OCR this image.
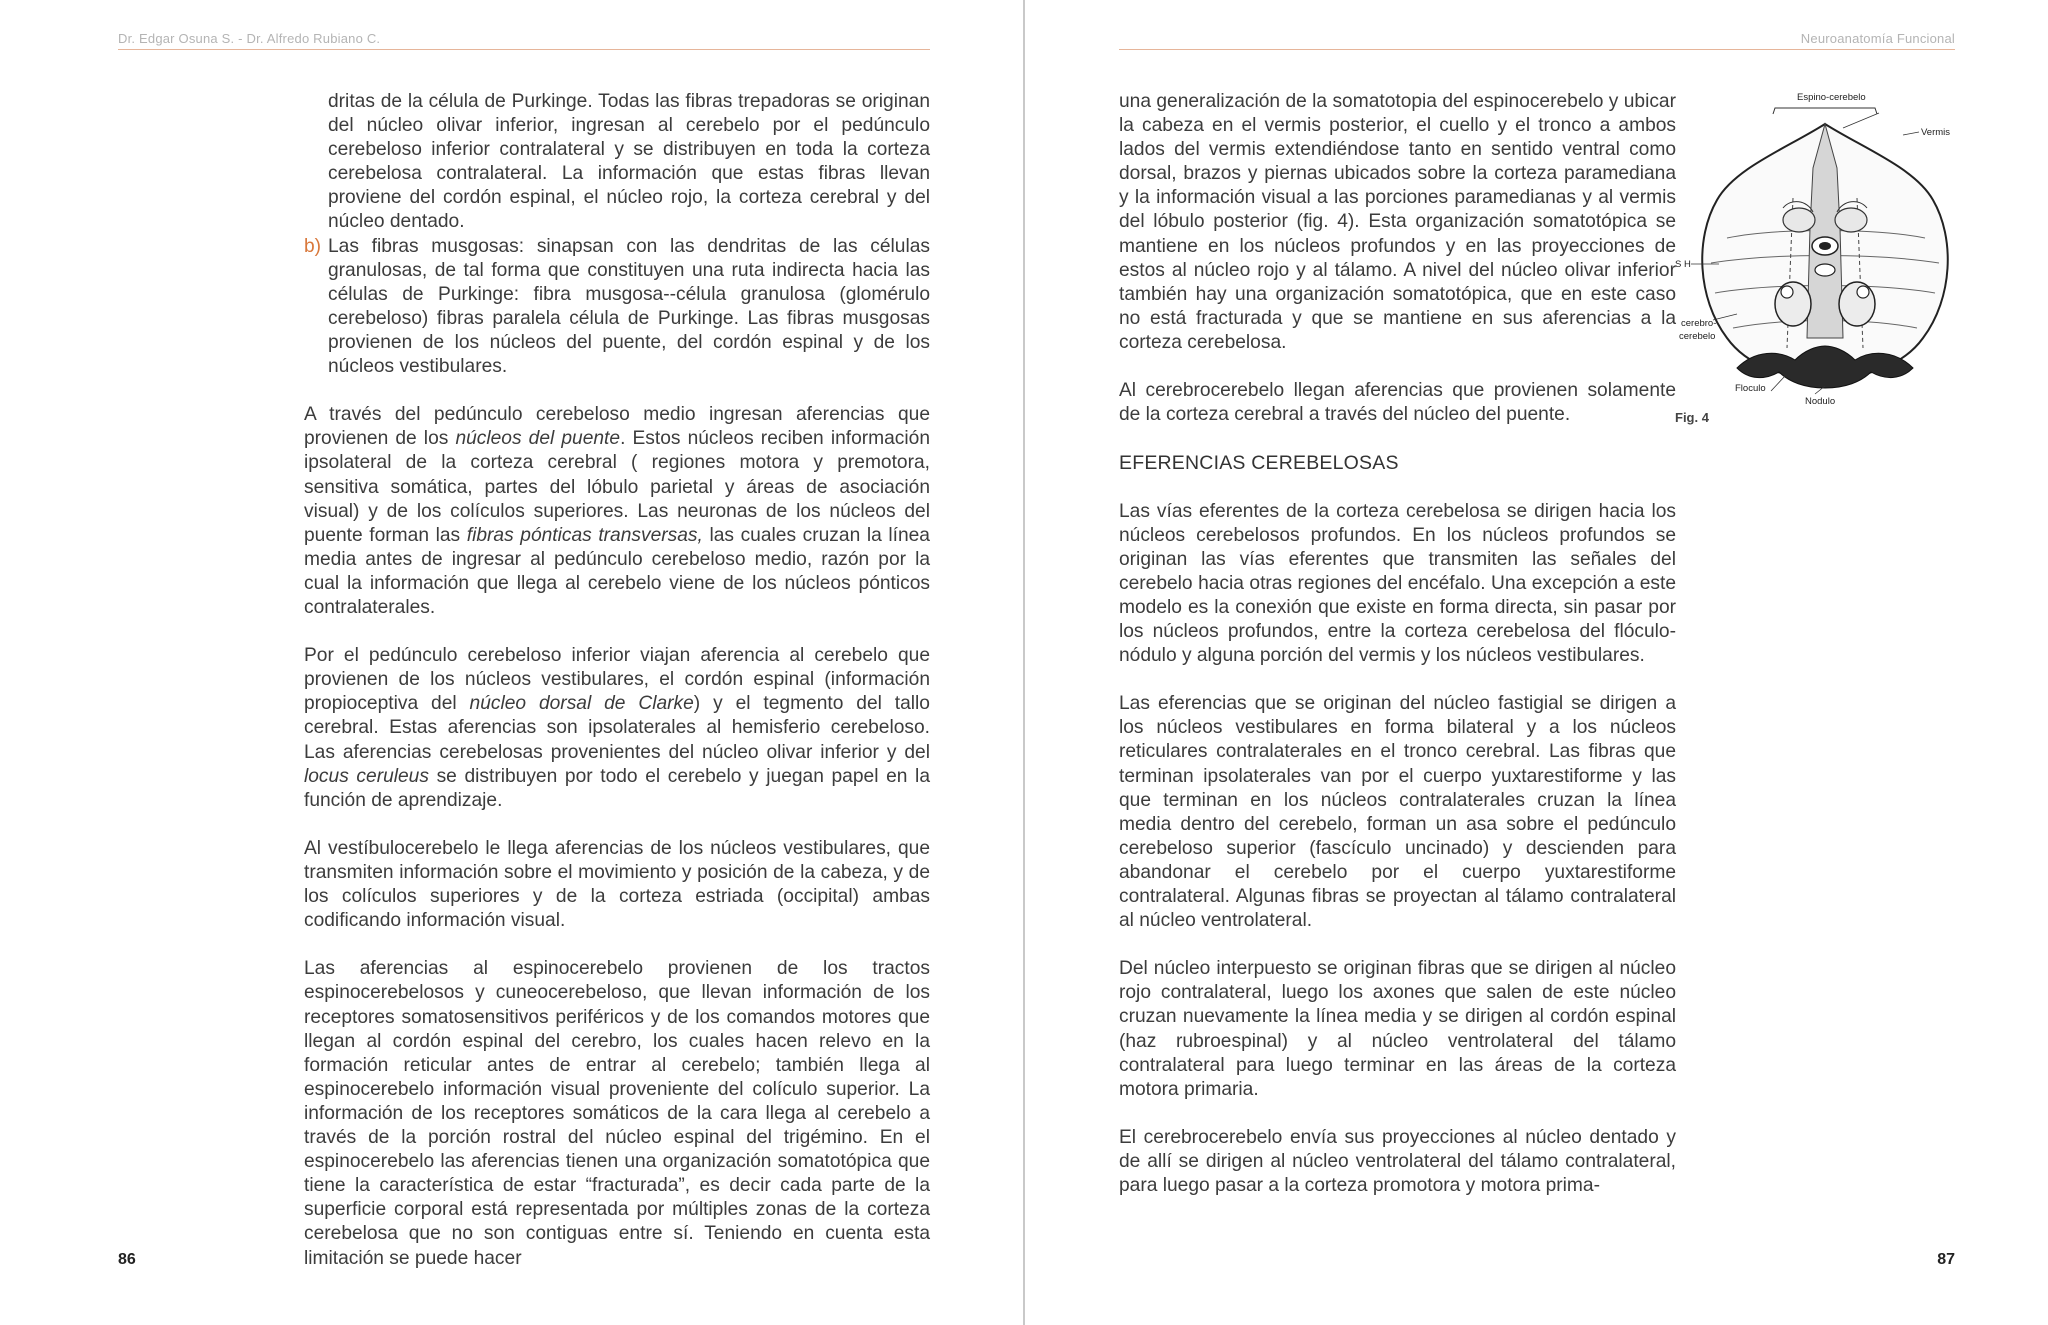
Dr. Edgar Osuna S. - Dr. Alfredo Rubiano C.

dritas de la célula de Purkinge. Todas las fibras trepadoras se originan del núcleo olivar inferior, ingresan al cerebelo por el pedúnculo cerebeloso inferior contralateral y se distribuyen en toda la corteza cerebelosa contralateral. La información que estas fibras llevan proviene del cordón espinal, el núcleo rojo, la corteza cerebral y del núcleo dentado.

b) Las fibras musgosas: sinapsan con las dendritas de las células granulosas, de tal forma que constituyen una ruta indirecta hacia las células de Purkinge: fibra musgosa--célula granulosa (glomérulo cerebeloso) fibras paralela célula de Purkinge. Las fibras musgosas provienen de los núcleos del puente, del cordón espinal y de los núcleos vestibulares.

A través del pedúnculo cerebeloso medio ingresan aferencias que provienen de los núcleos del puente. Estos núcleos reciben información ipsolateral de la corteza cerebral ( regiones motora y premotora, sensitiva somática, partes del lóbulo parietal y áreas de asociación visual) y de los colículos superiores. Las neuronas de los núcleos del puente forman las fibras pónticas transversas, las cuales cruzan la línea media antes de ingresar al pedúnculo cerebeloso medio, razón por la cual la información que llega al cerebelo viene de los núcleos pónticos contralaterales.

Por el pedúnculo cerebeloso inferior viajan aferencia al cerebelo que provienen de los núcleos vestibulares, el cordón espinal (información propioceptiva del núcleo dorsal de Clarke) y el tegmento del tallo cerebral. Estas aferencias son ipsolaterales al hemisferio cerebeloso. Las aferencias cerebelosas provenientes del núcleo olivar inferior y del locus ceruleus se distribuyen por todo el cerebelo y juegan papel en la función de aprendizaje.

Al vestíbulocerebelo le llega aferencias de los núcleos vestibulares, que transmiten información sobre el movimiento y posición de la cabeza, y de los colículos superiores y de la corteza estriada (occipital) ambas codificando información visual.

Las aferencias al espinocerebelo provienen de los tractos espinocerebelosos y cuneocerebeloso, que llevan información de los receptores somatosensitivos periféricos y de los comandos motores que llegan al cordón espinal del cerebro, los cuales hacen relevo en la formación reticular antes de entrar al cerebelo; también llega al espinocerebelo información visual proveniente del colículo superior. La información de los receptores somáticos de la cara llega al cerebelo a través de la porción rostral del núcleo espinal del trigémino. En el espinocerebelo las aferencias tienen una organización somatotópica que tiene la característica de estar “fracturada”, es decir cada parte de la superficie corporal está representada por múltiples zonas de la corteza cerebelosa que no son contiguas entre sí. Teniendo en cuenta esta limitación se puede hacer

86
Neuroanatomía Funcional

una generalización de la somatotopia del espinocerebelo y ubicar la cabeza en el vermis posterior, el cuello y el tronco a ambos lados del vermis extendiéndose tanto en sentido ventral como dorsal, brazos y piernas ubicados sobre la corteza paramediana y la información visual a las porciones paramedianas y al vermis del lóbulo posterior (fig. 4). Esta organización somatotópica se mantiene en los núcleos profundos y en las proyecciones de estos al núcleo rojo y al tálamo. A nivel del núcleo olivar inferior también hay una organización somatotópica, que en este caso no está fracturada y que se mantiene en sus aferencias a la corteza cerebelosa.

Al cerebrocerebelo llegan aferencias que provienen solamente de la corteza cerebral a través del núcleo del puente.

EFERENCIAS CEREBELOSAS

Las vías eferentes de la corteza cerebelosa se dirigen hacia los núcleos cerebelosos profundos. En los núcleos profundos se originan las vías eferentes que transmiten las señales del cerebelo hacia otras regiones del encéfalo. Una excepción a este modelo es la conexión que existe en forma directa, sin pasar por los núcleos profundos, entre la corteza cerebelosa del flóculo-nódulo y alguna porción del vermis y los núcleos vestibulares.

Las eferencias que se originan del núcleo fastigial se dirigen a los núcleos vestibulares en forma bilateral y a los núcleos reticulares contralaterales en el tronco cerebral. Las fibras que terminan ipsolaterales van por el cuerpo yuxtarestiforme y las que terminan en los núcleos contralaterales cruzan la línea media dentro del cerebelo, forman un asa sobre el pedúnculo cerebeloso superior (fascículo uncinado) y descienden para abandonar el cerebelo por el cuerpo yuxtarestiforme contralateral. Algunas fibras se proyectan al tálamo contralateral al núcleo ventrolateral.

Del núcleo interpuesto se originan fibras que se dirigen al núcleo rojo contralateral, luego los axones que salen de este núcleo cruzan nuevamente la línea media y se dirigen al cordón espinal (haz rubroespinal) y al núcleo ventrolateral del tálamo contralateral para luego terminar en las áreas de la corteza motora primaria.

El cerebrocerebelo envía sus proyecciones al núcleo dentado y de allí se dirigen al núcleo ventrolateral del tálamo contralateral, para luego pasar a la corteza promotora y motora prima-

Espino-cerebelo
Vermis
S H
cerebro-
cerebelo
Floculo
Nodulo
Fig. 4
87
